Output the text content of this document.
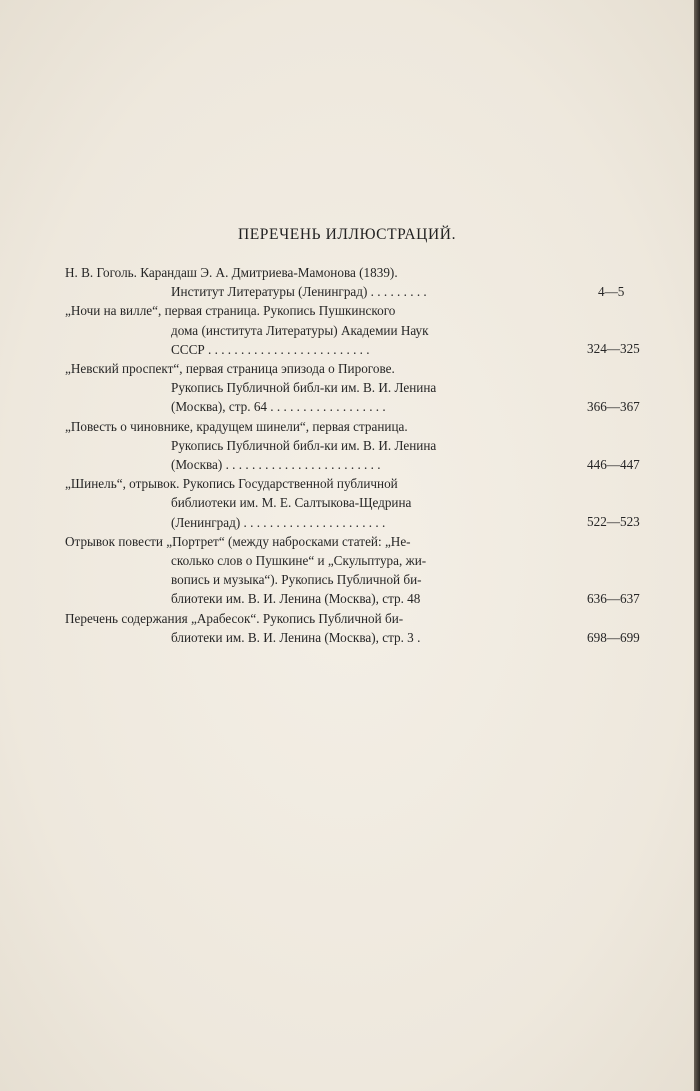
ПЕРЕЧЕНЬ ИЛЛЮСТРАЦИЙ.
Н. В. Гоголь. Карандаш Э. А. Дмитриева-Мамонова (1839).
Институт Литературы (Ленинград) . . . . . . . . .	4—5
„Ночи на вилле“, первая страница. Рукопись Пушкинского
дома (института Литературы) Академии Наук
СССР . . . . . . . . . . . . . . . . . . . . . . . . .	324—325
„Невский проспект“, первая страница эпизода о Пирогове.
Рукопись Публичной библ-ки им. В. И. Ленина
(Москва), стр. 64 . . . . . . . . . . . . . . . . . .	366—367
„Повесть о чиновнике, крадущем шинели“, первая страница.
Рукопись Публичной библ-ки им. В. И. Ленина
(Москва) . . . . . . . . . . . . . . . . . . . . . . . .	446—447
„Шинель“, отрывок. Рукопись Государственной публичной
библиотеки им. М. Е. Салтыкова-Щедрина
(Ленинград) . . . . . . . . . . . . . . . . . . . . . .	522—523
Отрывок повести „Портрет“ (между набросками статей: „Не-
сколько слов о Пушкине“ и „Скульптура, жи-
вопись и музыка“). Рукопись Публичной би-
блиотеки им. В. И. Ленина (Москва), стр. 48	636—637
Перечень содержания „Арабесок“. Рукопись Публичной би-
блиотеки им. В. И. Ленина (Москва), стр. 3 .	698—699
